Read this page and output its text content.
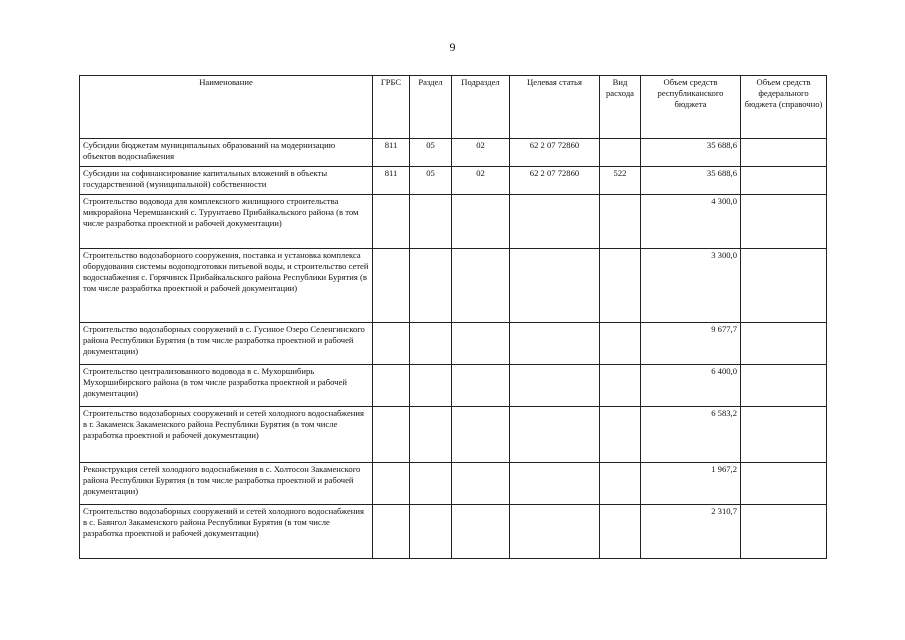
9
Наименование	ГРБС	Раздел	Подраздел	Целевая статья	Вид расхода	Объем средств республиканского бюджета	Объем средств федерального бюджета (справочно)
Субсидии бюджетам муниципальных образований на модернизацию объектов водоснабжения	811	05	02	62 2 07 72860		35 688,6	
Субсидии на софинансирование капитальных вложений в объекты государственной (муниципальной) собственности	811	05	02	62 2 07 72860	522	35 688,6	
Строительство водовода для комплексного жилищного строительства микрорайона Черемшанский с. Турунтаево Прибайкальского района (в том числе разработка проектной и рабочей документации)						4 300,0	
Строительство водозаборного сооружения, поставка и установка комплекса оборудования системы водоподготовки питьевой воды, и строительство сетей водоснабжения с. Горячинск Прибайкальского района Республики Бурятия (в том числе разработка проектной и рабочей документации)						3 300,0	
Строительство водозаборных сооружений в с. Гусиное Озеро Селенгинского района Республики Бурятия (в том числе разработка проектной и рабочей документации)						9 677,7	
Строительство централизованного водовода в с. Мухоршибирь Мухоршибирского района (в том числе разработка проектной и рабочей документации)						6 400,0	
Строительство водозаборных сооружений и сетей холодного водоснабжения в г. Закаменск Закаменского района Республики Бурятия (в том числе разработка проектной и рабочей документации)						6 583,2	
Реконструкция сетей холодного водоснабжения в с. Холтосон Закаменского района Республики Бурятия (в том числе разработка проектной и рабочей документации)						1 967,2	
Строительство водозаборных сооружений и сетей холодного водоснабжения в с. Баянгол Закаменского района Республики Бурятия (в том числе разработка проектной и рабочей документации)						2 310,7	
